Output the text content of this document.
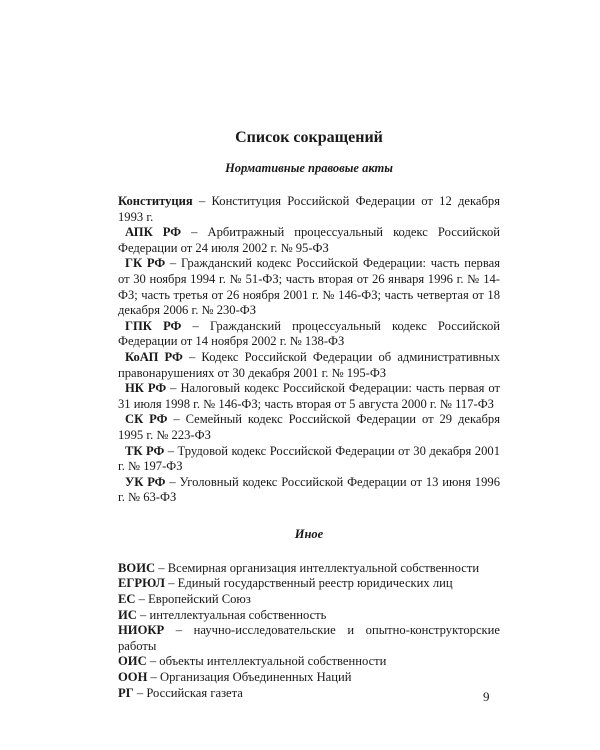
Список сокращений
Нормативные правовые акты
Конституция – Конституция Российской Федерации от 12 декабря 1993 г.
АПК РФ – Арбитражный процессуальный кодекс Российской Федерации от 24 июля 2002 г. № 95-ФЗ
ГК РФ – Гражданский кодекс Российской Федерации: часть первая от 30 ноября 1994 г. № 51-ФЗ; часть вторая от 26 января 1996 г. № 14-ФЗ; часть третья от 26 ноября 2001 г. № 146-ФЗ; часть четвертая от 18 декабря 2006 г. № 230-ФЗ
ГПК РФ – Гражданский процессуальный кодекс Российской Федерации от 14 ноября 2002 г. № 138-ФЗ
КоАП РФ – Кодекс Российской Федерации об административных правонарушениях от 30 декабря 2001 г. № 195-ФЗ
НК РФ – Налоговый кодекс Российской Федерации: часть первая от 31 июля 1998 г. № 146-ФЗ; часть вторая от 5 августа 2000 г. № 117-ФЗ
СК РФ – Семейный кодекс Российской Федерации от 29 декабря 1995 г. № 223-ФЗ
ТК РФ – Трудовой кодекс Российской Федерации от 30 декабря 2001 г. № 197-ФЗ
УК РФ – Уголовный кодекс Российской Федерации от 13 июня 1996 г. № 63-ФЗ
Иное
ВОИС – Всемирная организация интеллектуальной собственности
ЕГРЮЛ – Единый государственный реестр юридических лиц
ЕС – Европейский Союз
ИС – интеллектуальная собственность
НИОКР – научно-исследовательские и опытно-конструкторские работы
ОИС – объекты интеллектуальной собственности
ООН – Организация Объединенных Наций
РГ – Российская газета	9
